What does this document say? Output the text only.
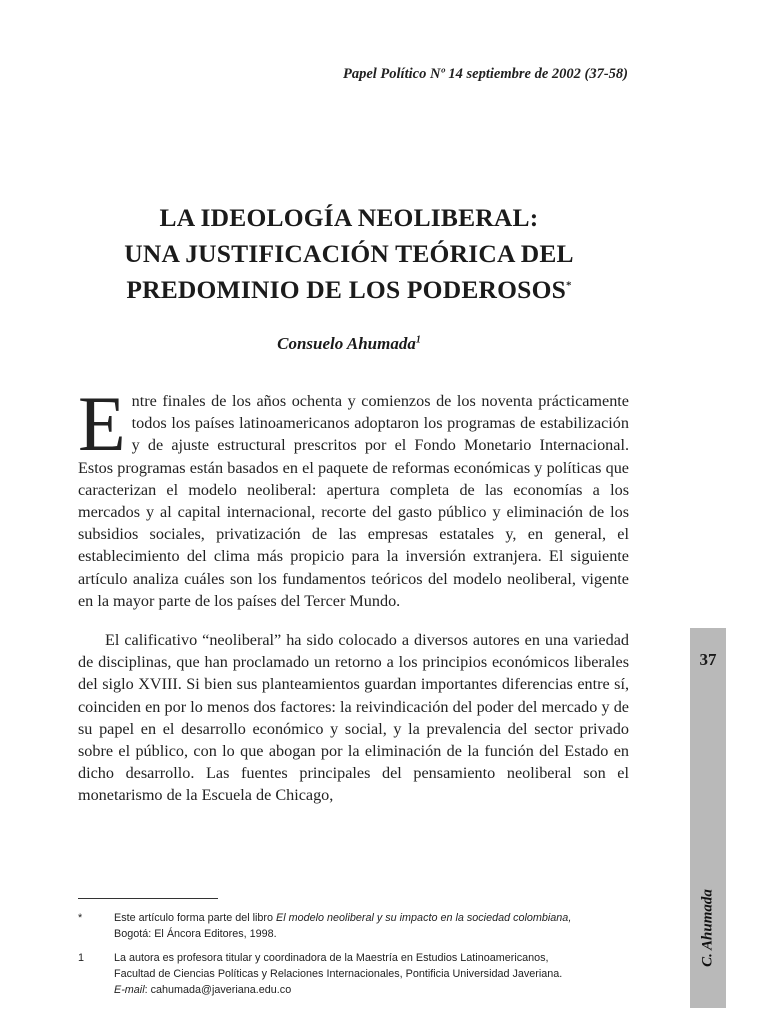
Papel Político Nº 14 septiembre de 2002 (37-58)
LA IDEOLOGÍA NEOLIBERAL:
UNA JUSTIFICACIÓN TEÓRICA DEL
PREDOMINIO DE LOS PODEROSOS*
Consuelo Ahumada$^1$

Entre finales de los años ochenta y comienzos de los noventa prácticamente todos los países latinoamericanos adoptaron los programas de estabilización y de ajuste estructural prescritos por el Fondo Monetario Internacional. Estos programas están basados en el paquete de reformas económicas y políticas que caracterizan el modelo neoliberal: apertura completa de las economías a los mercados y al capital internacional, recorte del gasto público y eliminación de los subsidios sociales, privatización de las empresas estatales y, en general, el establecimiento del clima más propicio para la inversión extranjera. El siguiente artículo analiza cuáles son los fundamentos teóricos del modelo neoliberal, vigente en la mayor parte de los países del Tercer Mundo.

El calificativo “neoliberal” ha sido colocado a diversos autores en una variedad de disciplinas, que han proclamado un retorno a los principios económicos liberales del siglo XVIII. Si bien sus planteamientos guardan importantes diferencias entre sí, coinciden en por lo menos dos factores: la reivindicación del poder del mercado y de su papel en el desarrollo económico y social, y la prevalencia del sector privado sobre el público, con lo que abogan por la eliminación de la función del Estado en dicho desarrollo. Las fuentes principales del pensamiento neoliberal son el monetarismo de la Escuela de Chicago,

*	Este artículo forma parte del libro El modelo neoliberal y su impacto en la sociedad colombiana,
Bogotá: El Áncora Editores, 1998.
1	La autora es profesora titular y coordinadora de la Maestría en Estudios Latinoamericanos,
Facultad de Ciencias Políticas y Relaciones Internacionales, Pontificia Universidad Javeriana.
E-mail: cahumada@javeriana.edu.co
37
C. Ahumada
